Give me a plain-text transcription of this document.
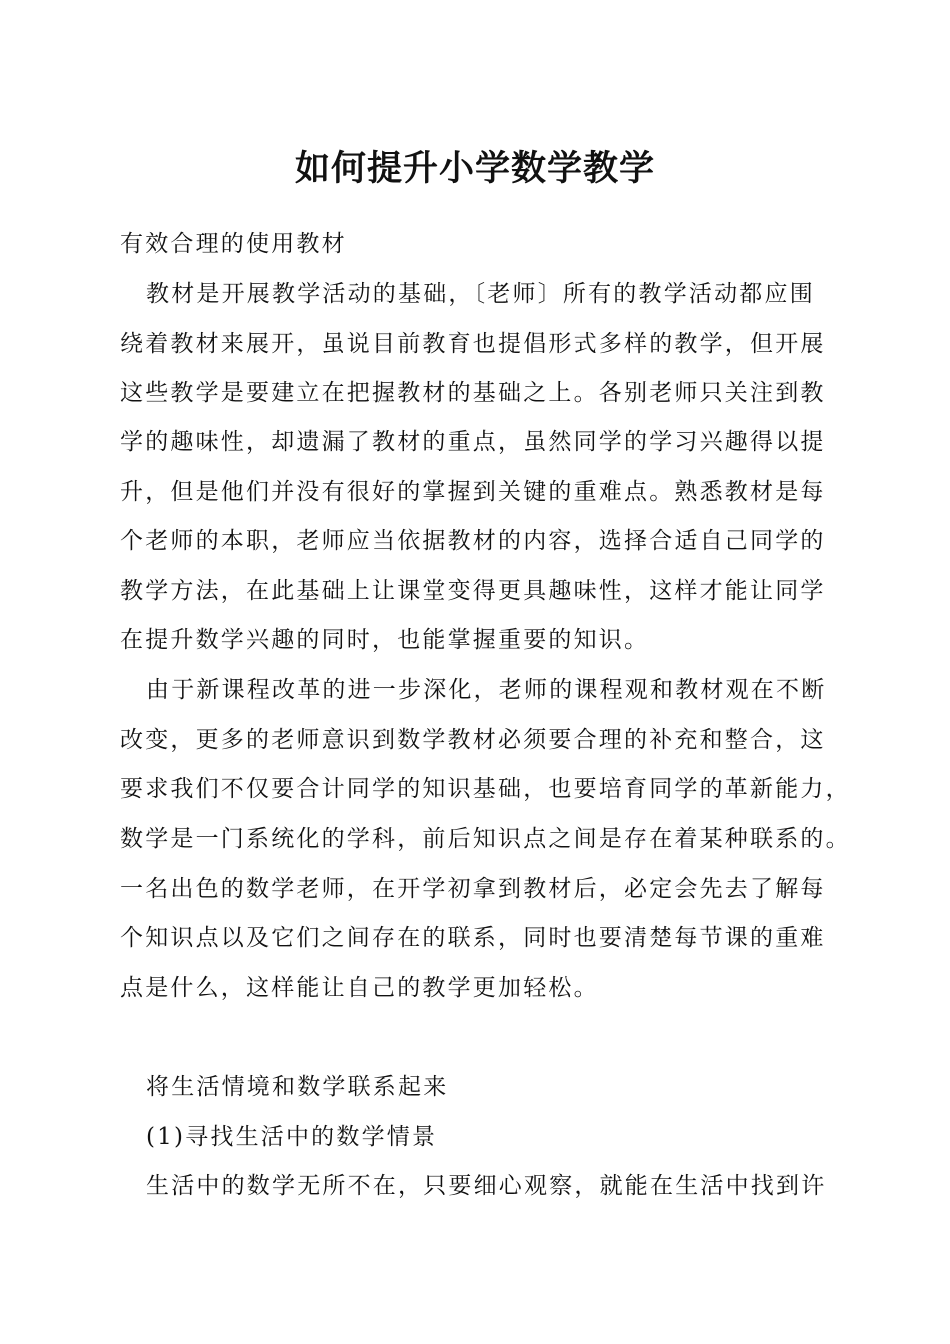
如何提升小学数学教学
有效合理的使用教材
教材是开展教学活动的基础，〔老师〕所有的教学活动都应围
绕着教材来展开，虽说目前教育也提倡形式多样的教学，但开展
这些教学是要建立在把握教材的基础之上。各别老师只关注到教
学的趣味性，却遗漏了教材的重点，虽然同学的学习兴趣得以提
升，但是他们并没有很好的掌握到关键的重难点。熟悉教材是每
个老师的本职，老师应当依据教材的内容，选择合适自己同学的
教学方法，在此基础上让课堂变得更具趣味性，这样才能让同学
在提升数学兴趣的同时，也能掌握重要的知识。
由于新课程改革的进一步深化，老师的课程观和教材观在不断
改变，更多的老师意识到数学教材必须要合理的补充和整合，这
要求我们不仅要合计同学的知识基础，也要培育同学的革新能力，
数学是一门系统化的学科，前后知识点之间是存在着某种联系的。
一名出色的数学老师，在开学初拿到教材后，必定会先去了解每
个知识点以及它们之间存在的联系，同时也要清楚每节课的重难
点是什么，这样能让自己的教学更加轻松。
将生活情境和数学联系起来
(1)寻找生活中的数学情景
生活中的数学无所不在，只要细心观察，就能在生活中找到许
